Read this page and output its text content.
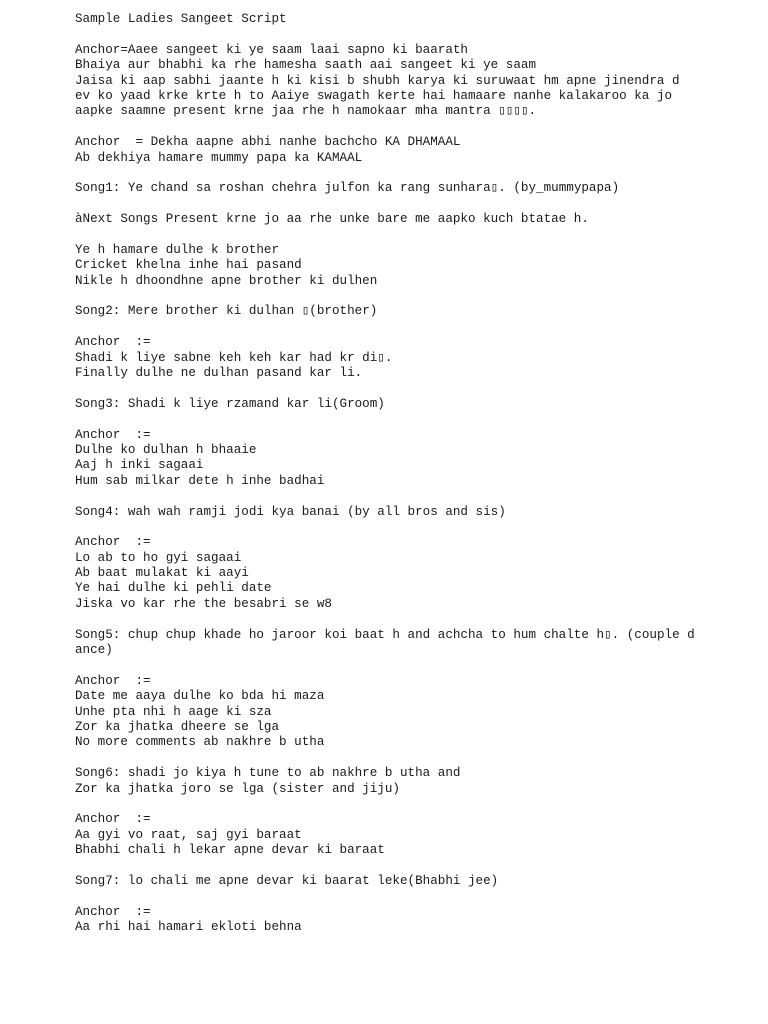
Sample Ladies Sangeet Script
Anchor=Aaee sangeet ki ye saam laai sapno ki baarath
Bhaiya aur bhabhi ka rhe hamesha saath aai sangeet ki ye saam
Jaisa ki aap sabhi jaante h ki kisi b shubh karya ki suruwaat hm apne jinendra d
ev ko yaad krke krte h to Aaiye swagath kerte hai hamaare nanhe kalakaroo ka jo
aapke saamne present krne jaa rhe h namokaar mha mantra ▯▯▯▯.
Anchor  = Dekha aapne abhi nanhe bachcho KA DHAMAAL
Ab dekhiya hamare mummy papa ka KAMAAL
Song1: Ye chand sa roshan chehra julfon ka rang sunhara▯. (by_mummypapa)
àNext Songs Present krne jo aa rhe unke bare me aapko kuch btatae h.
Ye h hamare dulhe k brother
Cricket khelna inhe hai pasand
Nikle h dhoondhne apne brother ki dulhen
Song2: Mere brother ki dulhan ▯(brother)
Anchor  :=
Shadi k liye sabne keh keh kar had kr di▯.
Finally dulhe ne dulhan pasand kar li.
Song3: Shadi k liye rzamand kar li(Groom)
Anchor  :=
Dulhe ko dulhan h bhaaie
Aaj h inki sagaai
Hum sab milkar dete h inhe badhai
Song4: wah wah ramji jodi kya banai (by all bros and sis)
Anchor  :=
Lo ab to ho gyi sagaai
Ab baat mulakat ki aayi
Ye hai dulhe ki pehli date
Jiska vo kar rhe the besabri se w8
Song5: chup chup khade ho jaroor koi baat h and achcha to hum chalte h▯. (couple d
ance)
Anchor  :=
Date me aaya dulhe ko bda hi maza
Unhe pta nhi h aage ki sza
Zor ka jhatka dheere se lga
No more comments ab nakhre b utha
Song6: shadi jo kiya h tune to ab nakhre b utha and
Zor ka jhatka joro se lga (sister and jiju)
Anchor  :=
Aa gyi vo raat, saj gyi baraat
Bhabhi chali h lekar apne devar ki baraat
Song7: lo chali me apne devar ki baarat leke(Bhabhi jee)
Anchor  :=
Aa rhi hai hamari ekloti behna
